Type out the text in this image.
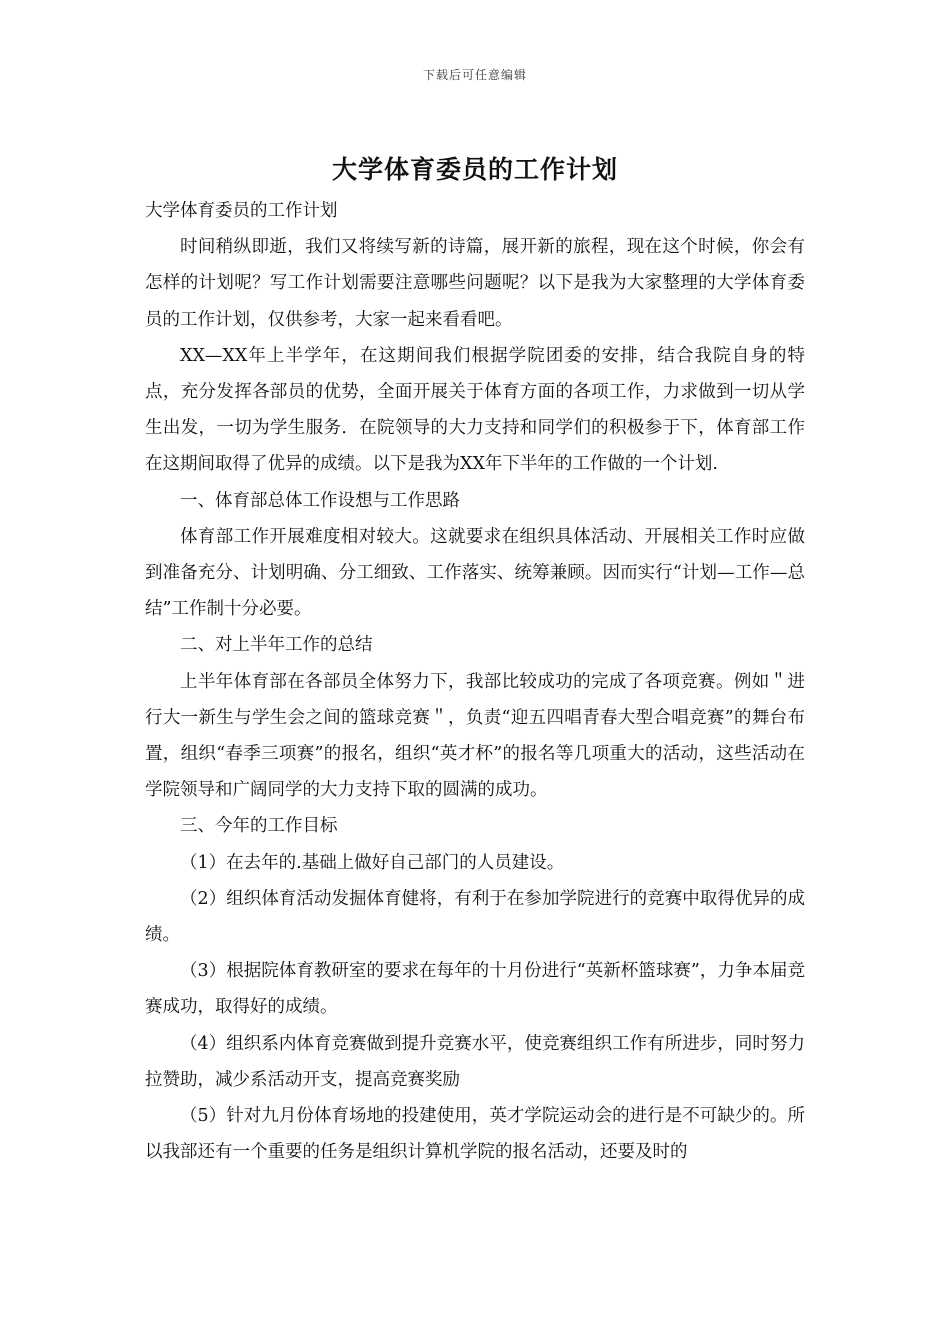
下载后可任意编辑
大学体育委员的工作计划

大学体育委员的工作计划

时间稍纵即逝，我们又将续写新的诗篇，展开新的旅程，现在这个时候，你会有怎样的计划呢？写工作计划需要注意哪些问题呢？以下是我为大家整理的大学体育委员的工作计划，仅供参考，大家一起来看看吧。

XX—XX年上半学年，在这期间我们根据学院团委的安排，结合我院自身的特点，充分发挥各部员的优势，全面开展关于体育方面的各项工作，力求做到一切从学生出发，一切为学生服务．在院领导的大力支持和同学们的积极参于下，体育部工作在这期间取得了优异的成绩。以下是我为XX年下半年的工作做的一个计划.

一、体育部总体工作设想与工作思路

体育部工作开展难度相对较大。这就要求在组织具体活动、开展相关工作时应做到准备充分、计划明确、分工细致、工作落实、统筹兼顾。因而实行“计划—工作—总结”工作制十分必要。

二、对上半年工作的总结

上半年体育部在各部员全体努力下，我部比较成功的完成了各项竞赛。例如＂进行大一新生与学生会之间的篮球竞赛＂，负责“迎五四唱青春大型合唱竞赛”的舞台布置，组织“春季三项赛”的报名，组织“英才杯”的报名等几项重大的活动，这些活动在学院领导和广阔同学的大力支持下取的圆满的成功。

三、今年的工作目标

（1）在去年的.基础上做好自己部门的人员建设。

（2）组织体育活动发掘体育健将，有利于在参加学院进行的竞赛中取得优异的成绩。

（3）根据院体育教研室的要求在每年的十月份进行“英新杯篮球赛”，力争本届竞赛成功，取得好的成绩。

（4）组织系内体育竞赛做到提升竞赛水平，使竞赛组织工作有所进步，同时努力拉赞助，减少系活动开支，提高竞赛奖励

（5）针对九月份体育场地的投建使用，英才学院运动会的进行是不可缺少的。所以我部还有一个重要的任务是组织计算机学院的报名活动，还要及时的
